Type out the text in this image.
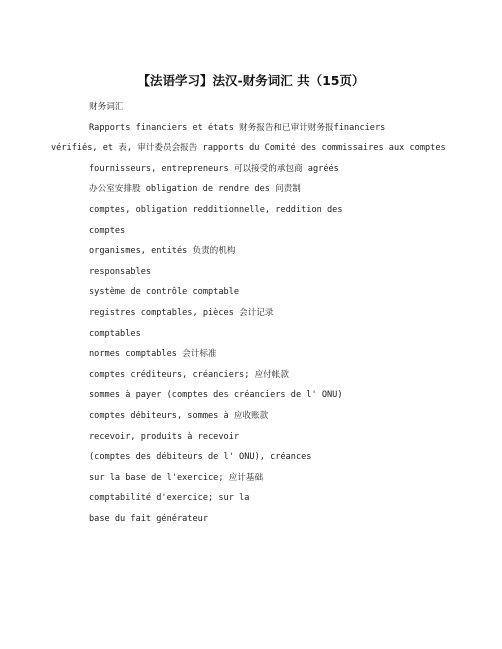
【法语学习】法汉-财务词汇 共（15页）
财务词汇
Rapports financiers et états 财务报告和已审计财务报financiers
vérifiés, et 表, 审计委员会报告 rapports du Comité des commissaires aux comptes
fournisseurs, entrepreneurs 可以接受的承包商 agréés
办公室安排股 obligation de rendre des 问责制
comptes, obligation redditionnelle, reddition des
comptes
organismes, entités 负责的机构
responsables
système de contrôle comptable
registres comptables, pièces 会计记录
comptables
normes comptables 会计标准
comptes créditeurs, créanciers; 应付帐款
sommes à payer (comptes des créanciers de l' ONU)
comptes débiteurs, sommes à 应收账款
recevoir, produits à recevoir
(comptes des débiteurs de l' ONU), créances
sur la base de l'exercice; 应计基础
comptabilité d'exercice; sur la
base du fait générateur
